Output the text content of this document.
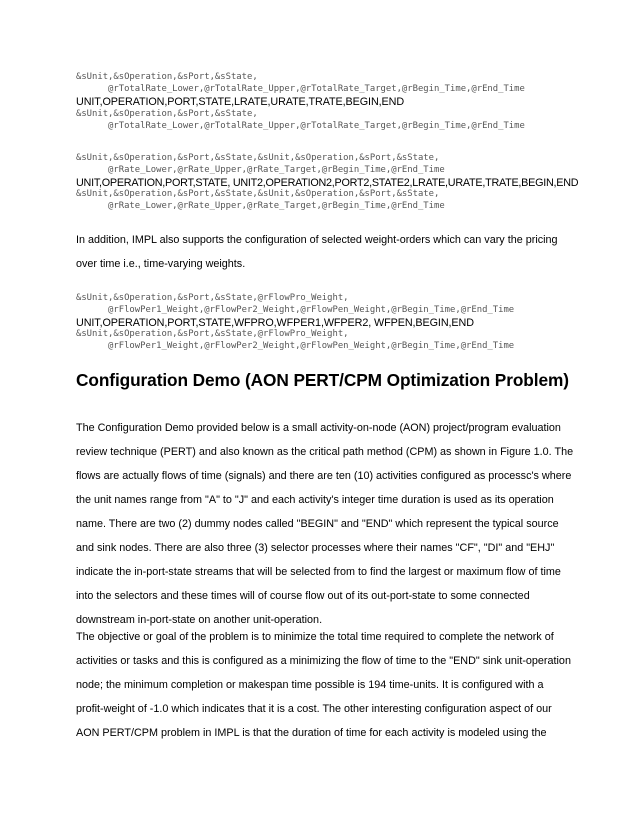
&sUnit,&sOperation,&sPort,&sState,
@rTotalRate_Lower,@rTotalRate_Upper,@rTotalRate_Target,@rBegin_Time,@rEnd_Time
UNIT,OPERATION,PORT,STATE,LRATE,URATE,TRATE,BEGIN,END
&sUnit,&sOperation,&sPort,&sState,
@rTotalRate_Lower,@rTotalRate_Upper,@rTotalRate_Target,@rBegin_Time,@rEnd_Time
&sUnit,&sOperation,&sPort,&sState,&sUnit,&sOperation,&sPort,&sState,
@rRate_Lower,@rRate_Upper,@rRate_Target,@rBegin_Time,@rEnd_Time
UNIT,OPERATION,PORT,STATE, UNIT2,OPERATION2,PORT2,STATE2,LRATE,URATE,TRATE,BEGIN,END
&sUnit,&sOperation,&sPort,&sState,&sUnit,&sOperation,&sPort,&sState,
@rRate_Lower,@rRate_Upper,@rRate_Target,@rBegin_Time,@rEnd_Time
In addition, IMPL also supports the configuration of selected weight-orders which can vary the pricing
over time i.e., time-varying weights.
&sUnit,&sOperation,&sPort,&sState,@rFlowPro_Weight,
@rFlowPer1_Weight,@rFlowPer2_Weight,@rFlowPen_Weight,@rBegin_Time,@rEnd_Time
UNIT,OPERATION,PORT,STATE,WFPRO,WFPER1,WFPER2, WFPEN,BEGIN,END
&sUnit,&sOperation,&sPort,&sState,@rFlowPro_Weight,
@rFlowPer1_Weight,@rFlowPer2_Weight,@rFlowPen_Weight,@rBegin_Time,@rEnd_Time
Configuration Demo (AON PERT/CPM Optimization Problem)
The Configuration Demo provided below is a small activity-on-node (AON) project/program evaluation
review technique (PERT) and also known as the critical path method (CPM) as shown in Figure 1.0. The
flows are actually flows of time (signals) and there are ten (10) activities configured as processc's where
the unit names range from "A" to "J" and each activity's integer time duration is used as its operation
name. There are two (2) dummy nodes called "BEGIN" and "END" which represent the typical source
and sink nodes. There are also three (3) selector processes where their names "CF", "DI" and "EHJ"
indicate the in-port-state streams that will be selected from to find the largest or maximum flow of time
into the selectors and these times will of course flow out of its out-port-state to some connected
downstream in-port-state on another unit-operation.
The objective or goal of the problem is to minimize the total time required to complete the network of
activities or tasks and this is configured as a minimizing the flow of time to the "END" sink unit-operation
node; the minimum completion or makespan time possible is 194 time-units. It is configured with a
profit-weight of -1.0 which indicates that it is a cost. The other interesting configuration aspect of our
AON PERT/CPM problem in IMPL is that the duration of time for each activity is modeled using the
